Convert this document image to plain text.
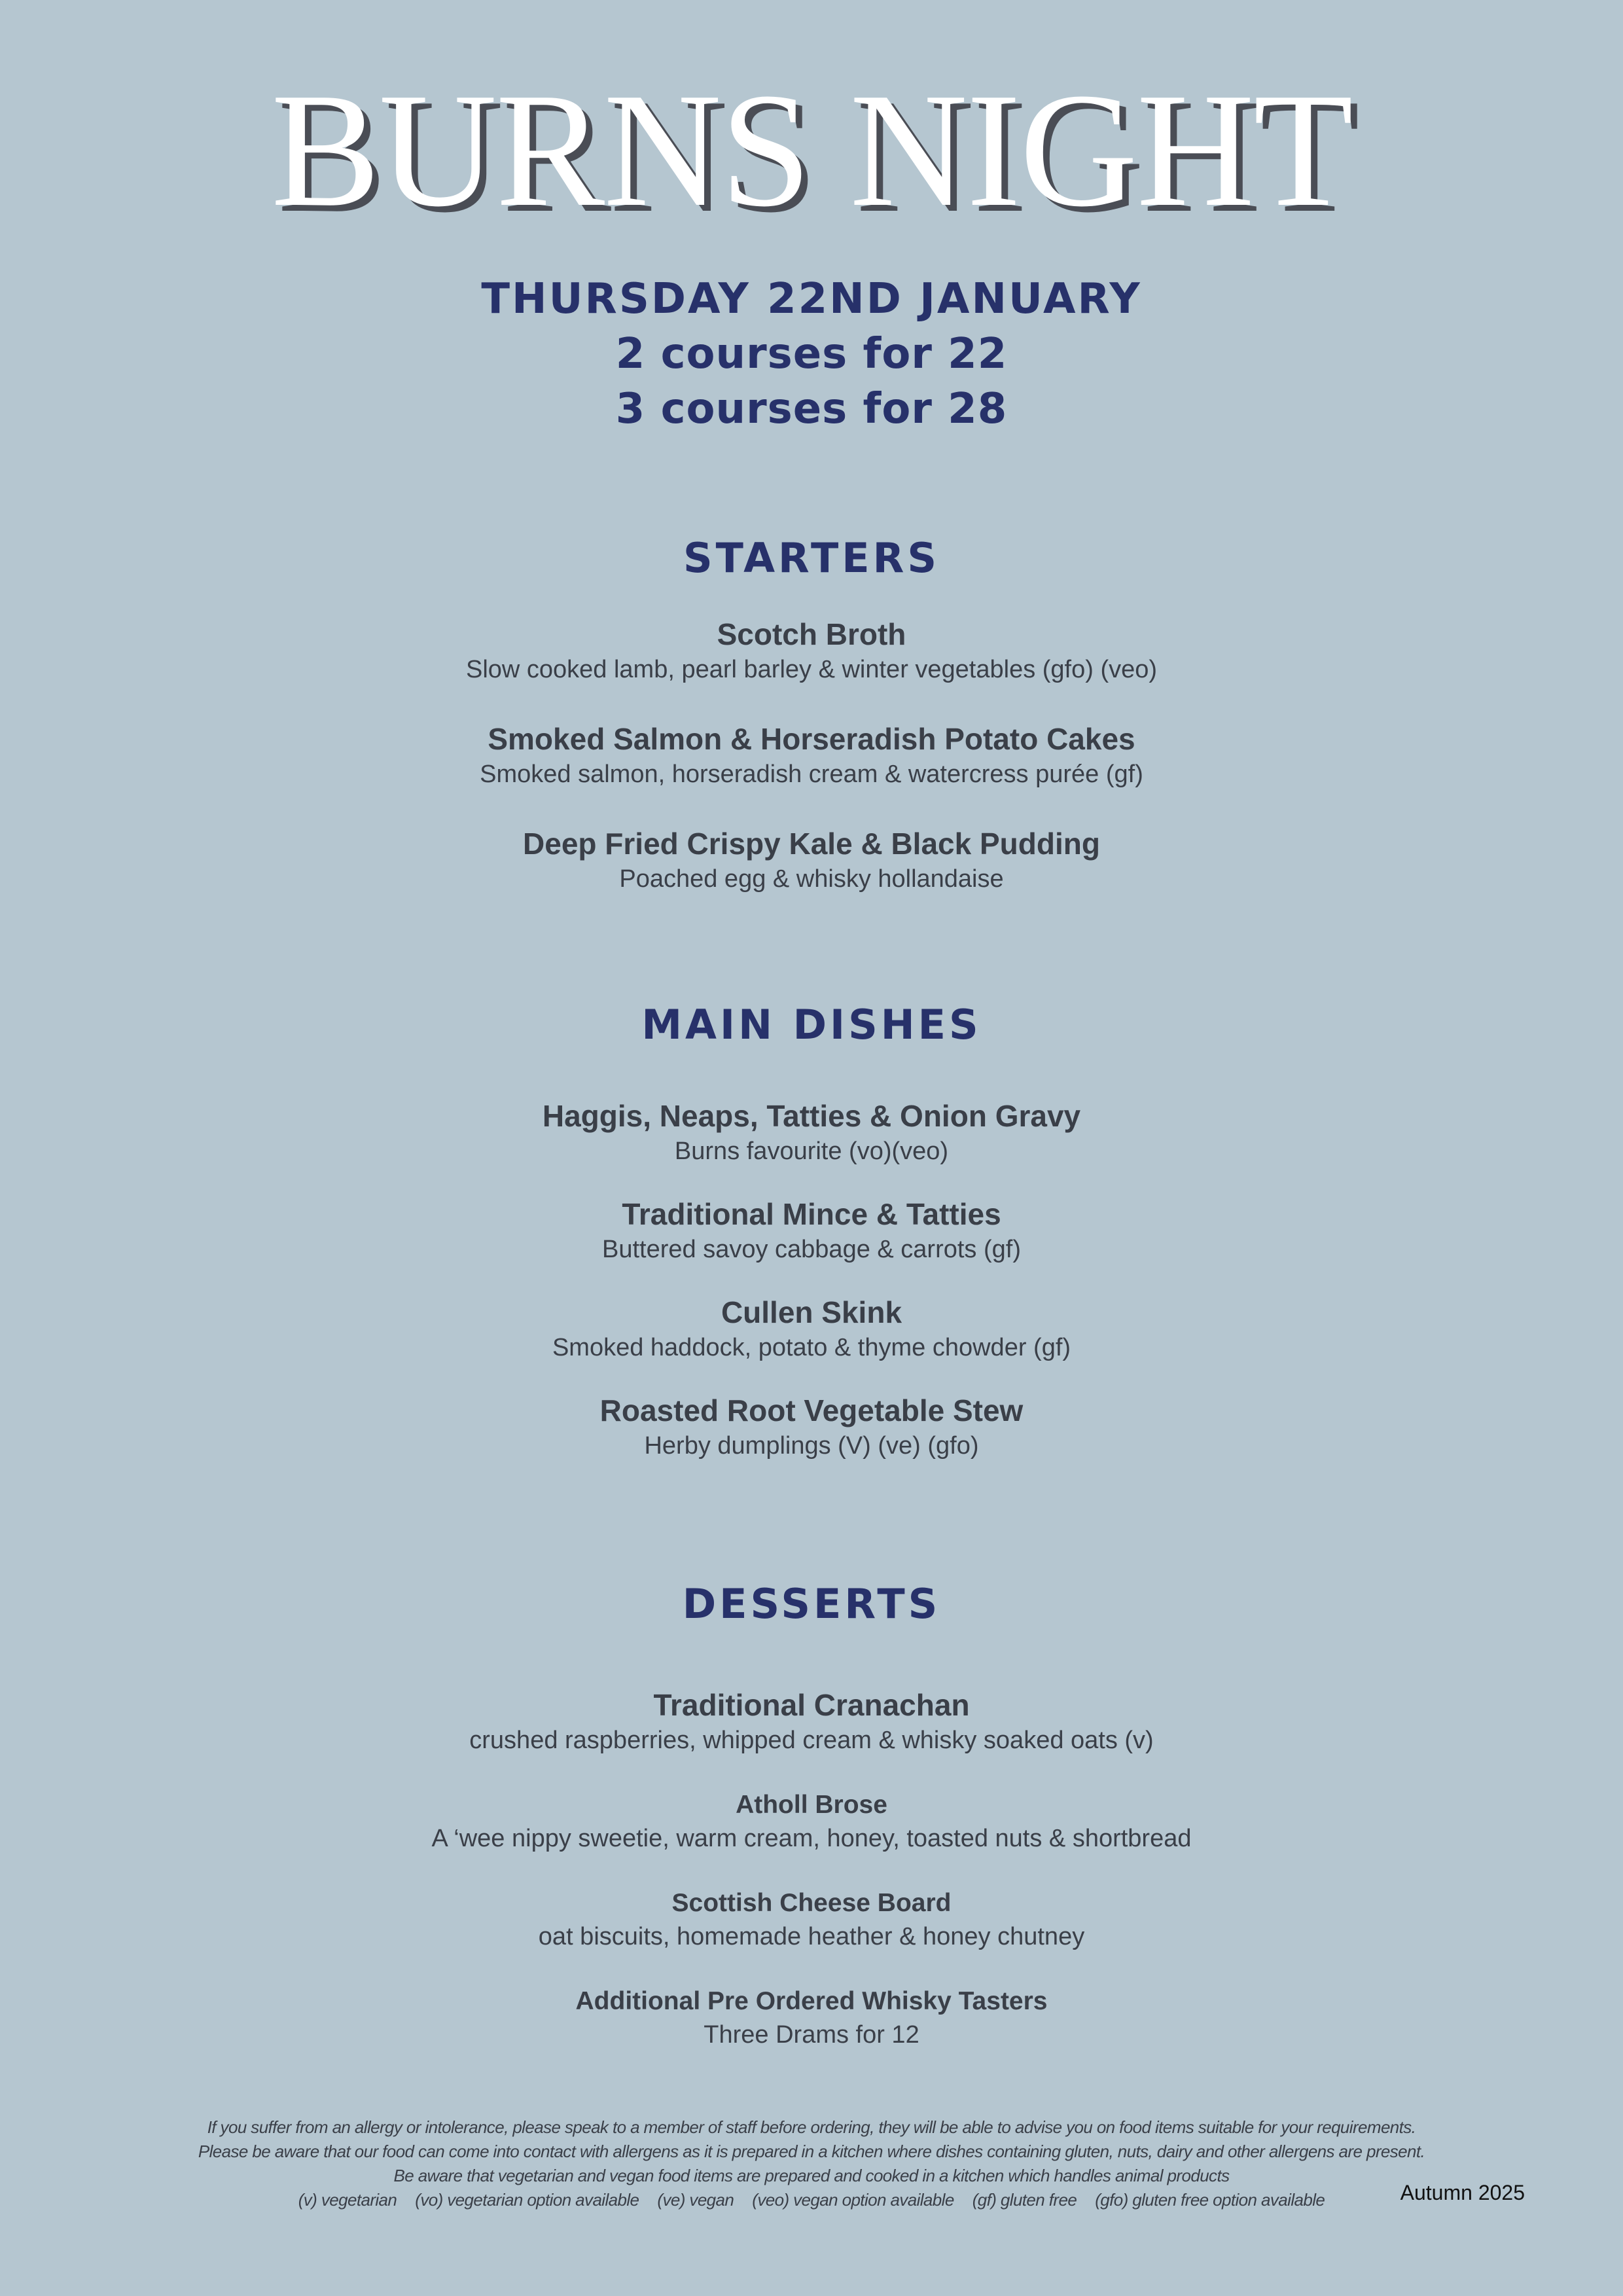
BURNS NIGHT
THURSDAY 22ND JANUARY
2 courses for 22
3 courses for 28
STARTERS
Scotch Broth
Slow cooked lamb, pearl barley & winter vegetables (gfo) (veo)
Smoked Salmon & Horseradish Potato Cakes
Smoked salmon, horseradish cream & watercress purée (gf)
Deep Fried Crispy Kale & Black Pudding
Poached egg & whisky hollandaise
MAIN DISHES
Haggis, Neaps, Tatties & Onion Gravy
Burns favourite (vo)(veo)
Traditional Mince & Tatties
Buttered savoy cabbage & carrots (gf)
Cullen Skink
Smoked haddock, potato & thyme chowder (gf)
Roasted Root Vegetable Stew
Herby dumplings (V) (ve) (gfo)
DESSERTS
Traditional Cranachan
crushed raspberries, whipped cream & whisky soaked oats (v)
Atholl Brose
A ‘wee nippy sweetie, warm cream, honey, toasted nuts & shortbread
Scottish Cheese Board
oat biscuits, homemade heather & honey chutney
Additional Pre Ordered Whisky Tasters
Three Drams for 12
If you suffer from an allergy or intolerance, please speak to a member of staff before ordering, they will be able to advise you on food items suitable for your requirements.
Please be aware that our food can come into contact with allergens as it is prepared in a kitchen where dishes containing gluten, nuts, dairy and other allergens are present.
Be aware that vegetarian and vegan food items are prepared and cooked in a kitchen which handles animal products
(v) vegetarian (vo) vegetarian option available (ve) vegan (veo) vegan option available (gf) gluten free (gfo) gluten free option available	Autumn 2025
